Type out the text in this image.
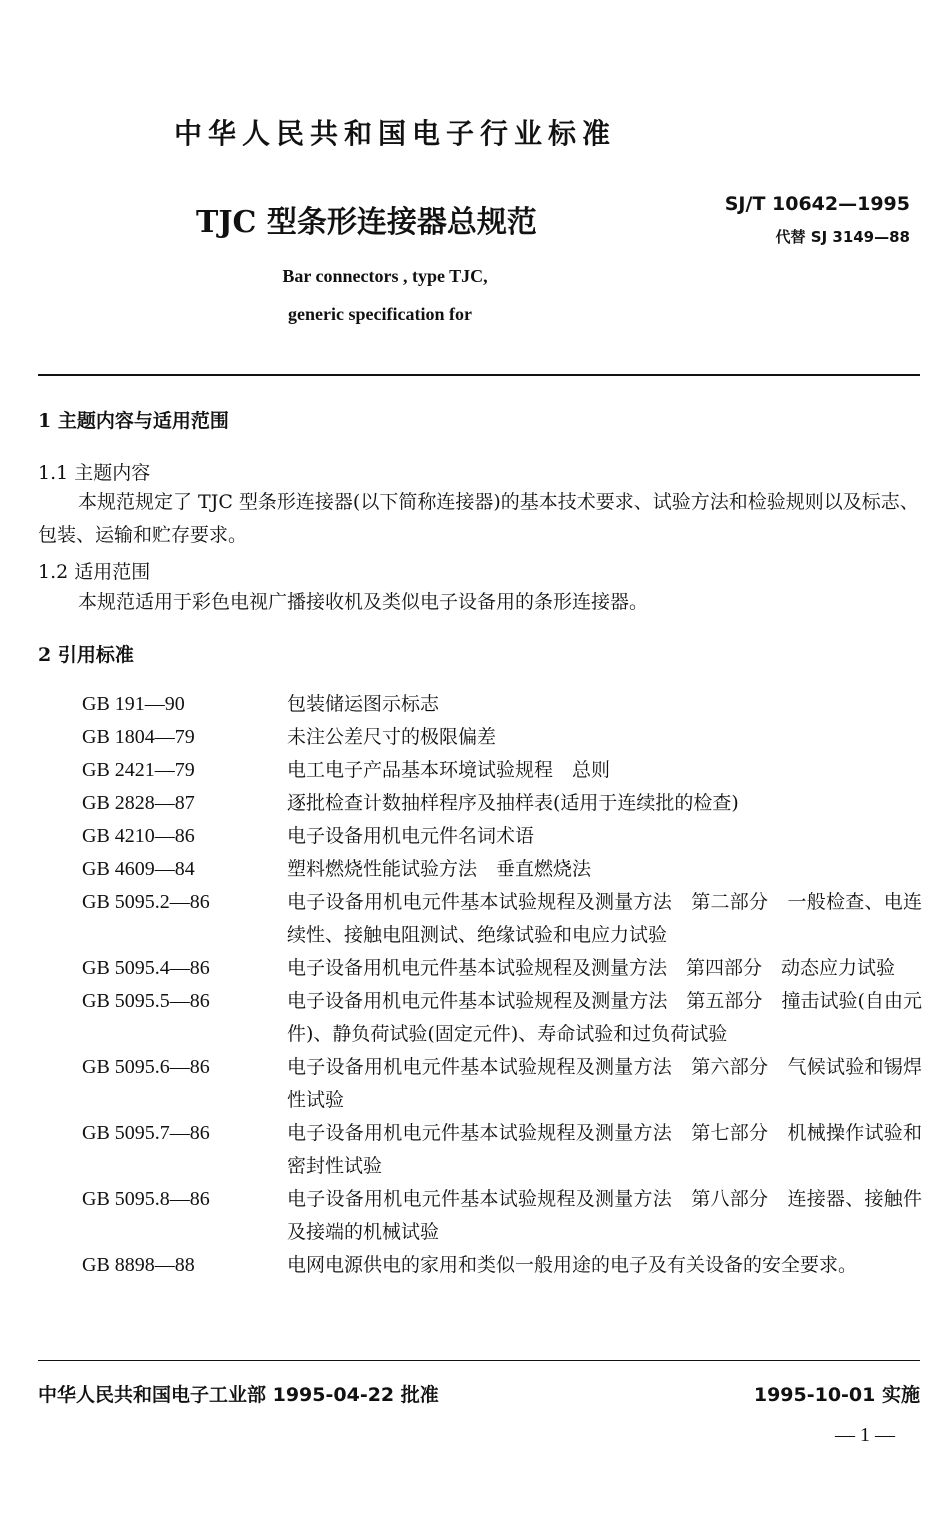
中华人民共和国电子行业标准
TJC 型条形连接器总规范
SJ/T 10642—1995
代替 SJ 3149—88
Bar connectors , type TJC,
generic specification for
1 主题内容与适用范围
1.1 主题内容
本规范规定了 TJC 型条形连接器(以下简称连接器)的基本技术要求、试验方法和检验规则以及标志、包装、运输和贮存要求。
1.2 适用范围
本规范适用于彩色电视广播接收机及类似电子设备用的条形连接器。
2 引用标准
GB 191—90	包装储运图示标志
GB 1804—79	未注公差尺寸的极限偏差
GB 2421—79	电工电子产品基本环境试验规程　总则
GB 2828—87	逐批检查计数抽样程序及抽样表(适用于连续批的检查)
GB 4210—86	电子设备用机电元件名词术语
GB 4609—84	塑料燃烧性能试验方法　垂直燃烧法
GB 5095.2—86	电子设备用机电元件基本试验规程及测量方法　第二部分　一般检查、电连续性、接触电阻测试、绝缘试验和电应力试验
GB 5095.4—86	电子设备用机电元件基本试验规程及测量方法　第四部分　动态应力试验
GB 5095.5—86	电子设备用机电元件基本试验规程及测量方法　第五部分　撞击试验(自由元件)、静负荷试验(固定元件)、寿命试验和过负荷试验
GB 5095.6—86	电子设备用机电元件基本试验规程及测量方法　第六部分　气候试验和锡焊性试验
GB 5095.7—86	电子设备用机电元件基本试验规程及测量方法　第七部分　机械操作试验和密封性试验
GB 5095.8—86	电子设备用机电元件基本试验规程及测量方法　第八部分　连接器、接触件及接端的机械试验
GB 8898—88	电网电源供电的家用和类似一般用途的电子及有关设备的安全要求。
中华人民共和国电子工业部 1995-04-22 批准	1995-10-01 实施
— 1 —
